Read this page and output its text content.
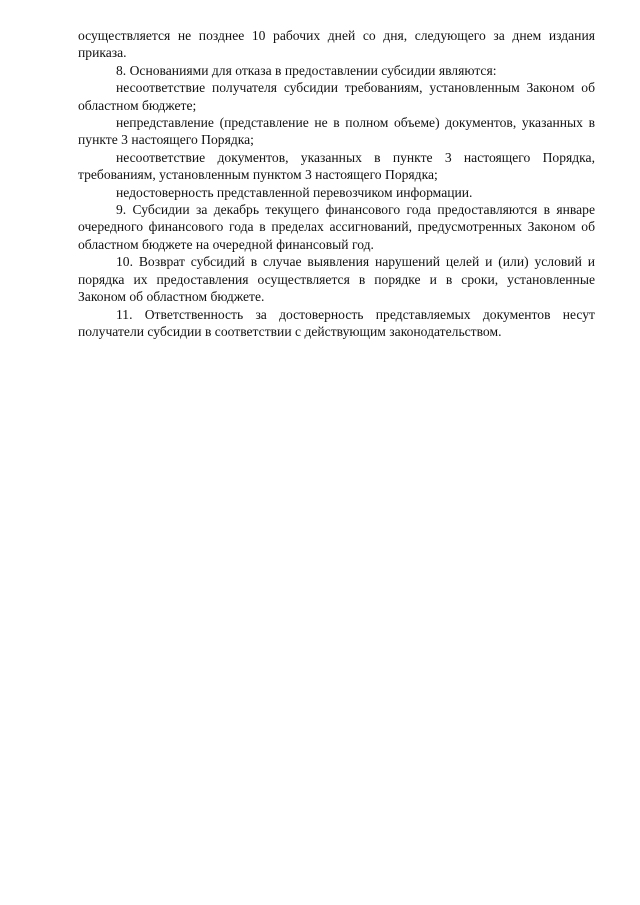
осуществляется не позднее 10 рабочих дней со дня, следующего за днем издания приказа.

8. Основаниями для отказа в предоставлении субсидии являются:

несоответствие получателя субсидии требованиям, установленным Законом об областном бюджете;

непредставление (представление не в полном объеме) документов, указанных в пункте 3 настоящего Порядка;

несоответствие документов, указанных в пункте 3 настоящего Порядка, требованиям, установленным пунктом 3 настоящего Порядка;

недостоверность представленной перевозчиком информации.

9. Субсидии за декабрь текущего финансового года предоставляются в январе очередного финансового года в пределах ассигнований, предусмотренных Законом об областном бюджете на очередной финансовый год.

10. Возврат субсидий в случае выявления нарушений целей и (или) условий и порядка их предоставления осуществляется в порядке и в сроки, установленные Законом об областном бюджете.

11. Ответственность за достоверность представляемых документов несут получатели субсидии в соответствии с действующим законодательством.
